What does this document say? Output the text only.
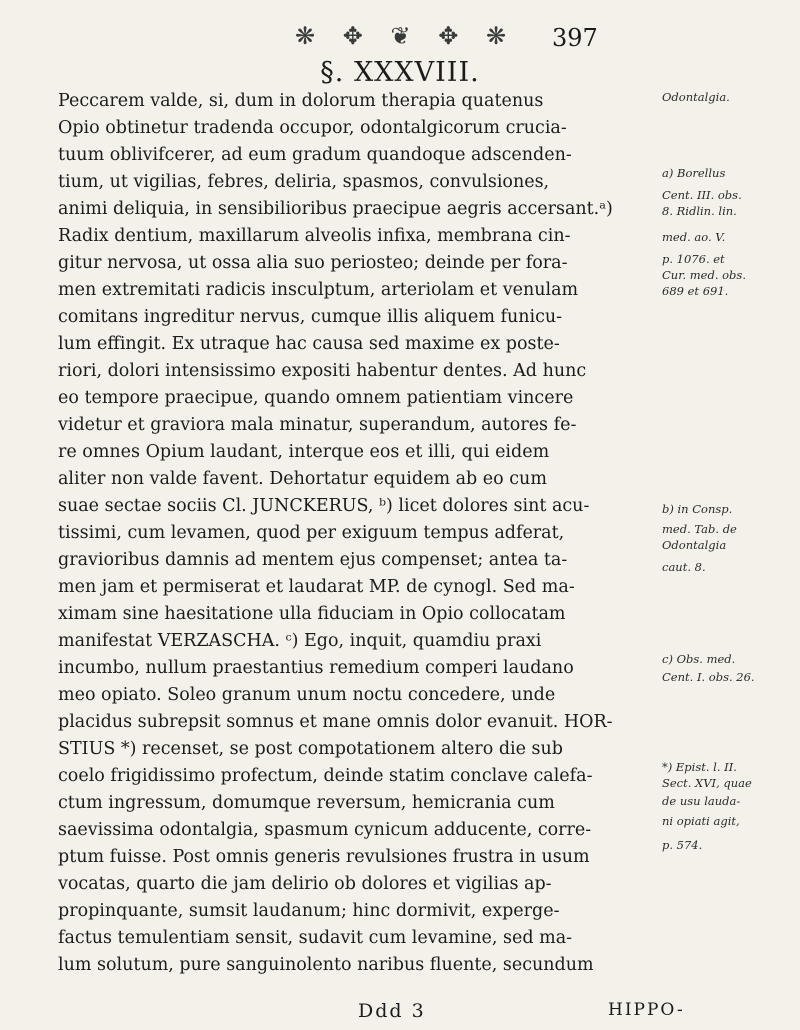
❋ ✥ ❦ ✥ ❋ 397
§. XXXVIII.
Peccarem valde, si, dum in dolorum therapia quatenus
Opio obtinetur tradenda occupor, odontalgicorum crucia-
tuum oblivifcerer, ad eum gradum quandoque adscenden-
tium, ut vigilias, febres, deliria, spasmos, convulsiones,
animi deliquia, in sensibilioribus praecipue aegris accersant.ᵃ)
Radix dentium, maxillarum alveolis infixa, membrana cin-
gitur nervosa, ut ossa alia suo periosteo; deinde per fora-
men extremitati radicis insculptum, arteriolam et venulam
comitans ingreditur nervus, cumque illis aliquem funicu-
lum effingit. Ex utraque hac causa sed maxime ex poste-
riori, dolori intensissimo expositi habentur dentes. Ad hunc
eo tempore praecipue, quando omnem patientiam vincere
videtur et graviora mala minatur, superandum, autores fe-
re omnes Opium laudant, interque eos et illi, qui eidem
aliter non valde favent. Dehortatur equidem ab eo cum
suae sectae sociis Cl. JUNCKERUS, ᵇ) licet dolores sint acu-
tissimi, cum levamen, quod per exiguum tempus adferat,
gravioribus damnis ad mentem ejus compenset; antea ta-
men jam et permiserat et laudarat MP. de cynogl. Sed ma-
ximam sine haesitatione ulla fiduciam in Opio collocatam
manifestat VERZASCHA. ᶜ) Ego, inquit, quamdiu praxi
incumbo, nullum praestantius remedium comperi laudano
meo opiato. Soleo granum unum noctu concedere, unde
placidus subrepsit somnus et mane omnis dolor evanuit. HOR-
STIUS *) recenset, se post compotationem altero die sub
coelo frigidissimo profectum, deinde statim conclave calefa-
ctum ingressum, domumque reversum, hemicrania cum
saevissima odontalgia, spasmum cynicum adducente, corre-
ptum fuisse. Post omnis generis revulsiones frustra in usum
vocatas, quarto die jam delirio ob dolores et vigilias ap-
propinquante, sumsit laudanum; hinc dormivit, experge-
factus temulentiam sensit, sudavit cum levamine, sed ma-
lum solutum, pure sanguinolento naribus fluente, secundum
Odontalgia.
a) Borellus
Cent. III. obs.
8. Ridlin. lin.
med. ao. V.
p. 1076. et
Cur. med. obs.
689 et 691.
b) in Consp.
med. Tab. de
Odontalgia
caut. 8.
c) Obs. med.
Cent. I. obs. 26.
*) Epist. l. II.
Sect. XVI, quae
de usu lauda-
ni opiati agit,
p. 574.
Ddd 3	HIPPO-
